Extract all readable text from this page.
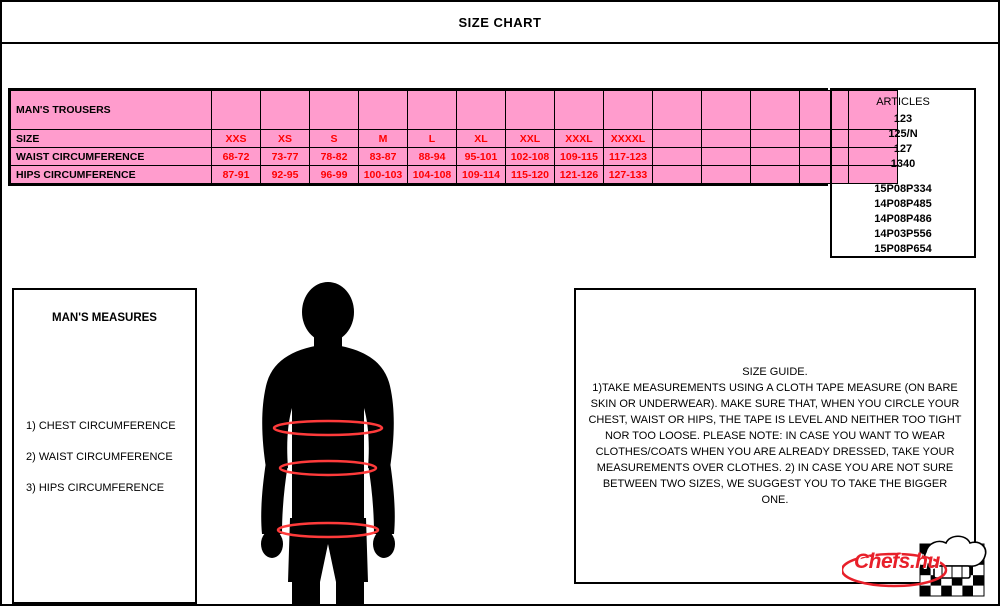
SIZE CHART
MAN'S TROUSERS														
SIZE	XXS	XS	S	M	L	XL	XXL	XXXL	XXXXL					
WAIST CIRCUMFERENCE	68-72	73-77	78-82	83-87	88-94	95-101	102-108	109-115	117-123					
HIPS CIRCUMFERENCE	87-91	92-95	96-99	100-103	104-108	109-114	115-120	121-126	127-133					
ARTICLES
123
125/N
127
1340
15P08P334
14P08P485
14P08P486
14P03P556
15P08P654
MAN'S MEASURES
1) CHEST CIRCUMFERENCE
2) WAIST CIRCUMFERENCE
3) HIPS CIRCUMFERENCE
SIZE GUIDE.
1)TAKE MEASUREMENTS USING A CLOTH TAPE MEASURE (ON BARE SKIN OR UNDERWEAR). MAKE SURE THAT, WHEN YOU CIRCLE YOUR CHEST, WAIST OR HIPS, THE TAPE IS LEVEL AND NEITHER TOO TIGHT NOR TOO LOOSE. PLEASE NOTE: IN CASE YOU WANT TO WEAR CLOTHES/COATS WHEN YOU ARE ALREADY DRESSED, TAKE YOUR MEASUREMENTS OVER CLOTHES. 2) IN CASE YOU ARE NOT SURE BETWEEN TWO SIZES, WE SUGGEST YOU TO TAKE THE BIGGER ONE.
Chefs.hu
